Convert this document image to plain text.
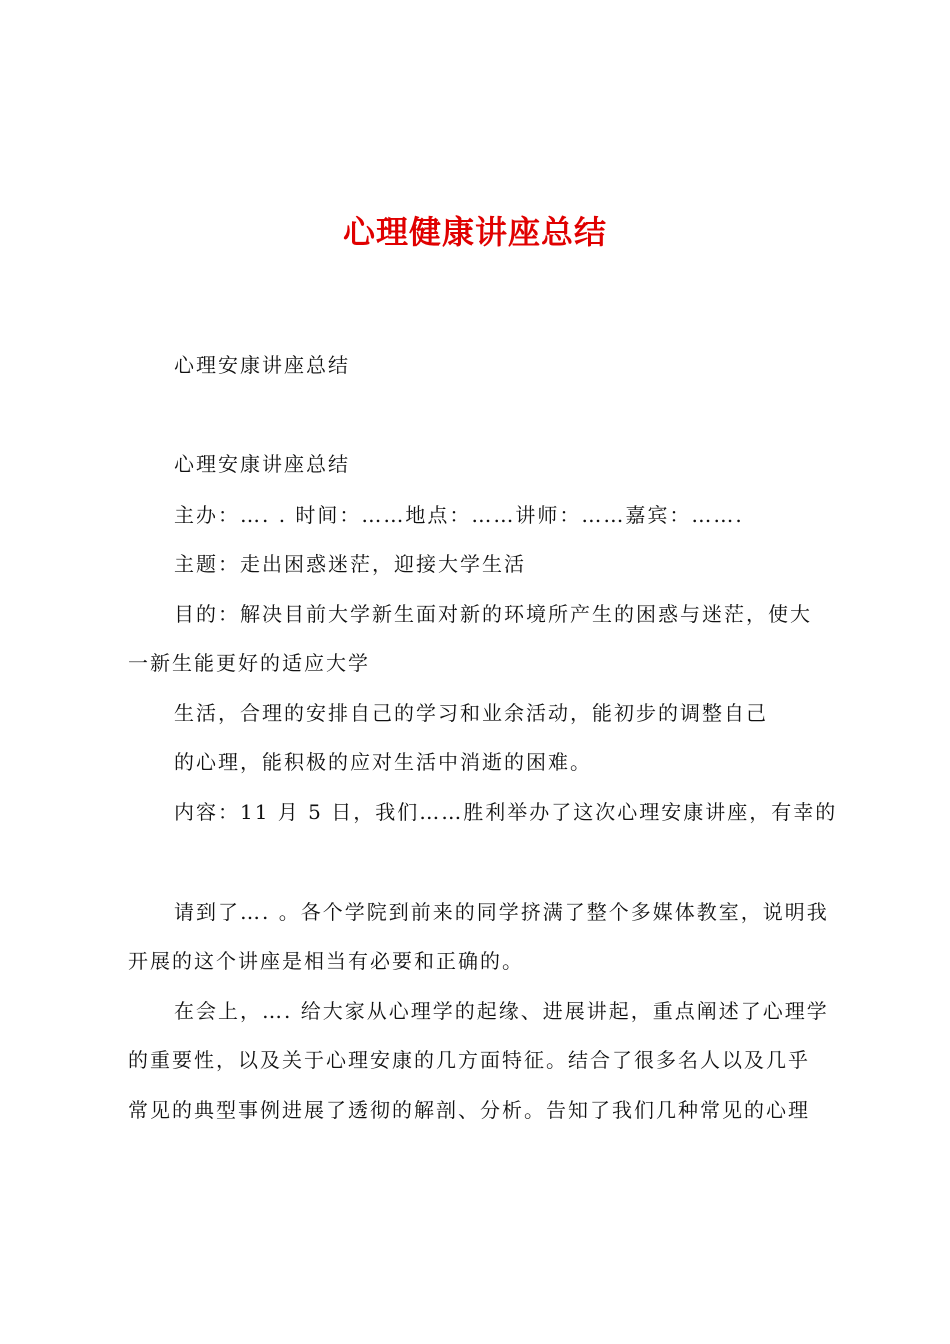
心理健康讲座总结
心理安康讲座总结
心理安康讲座总结
主办：…. . 时间：……地点：……讲师：……嘉宾：…….
主题：走出困惑迷茫，迎接大学生活
目的：解决目前大学新生面对新的环境所产生的困惑与迷茫，使大
一新生能更好的适应大学
生活，合理的安排自己的学习和业余活动，能初步的调整自己
的心理，能积极的应对生活中消逝的困难。
内容：11 月 5 日，我们……胜利举办了这次心理安康讲座，有幸的
请到了…. 。各个学院到前来的同学挤满了整个多媒体教室，说明我
开展的这个讲座是相当有必要和正确的。
在会上，…. 给大家从心理学的起缘、进展讲起，重点阐述了心理学
的重要性，以及关于心理安康的几方面特征。结合了很多名人以及几乎
常见的典型事例进展了透彻的解剖、分析。告知了我们几种常见的心理
